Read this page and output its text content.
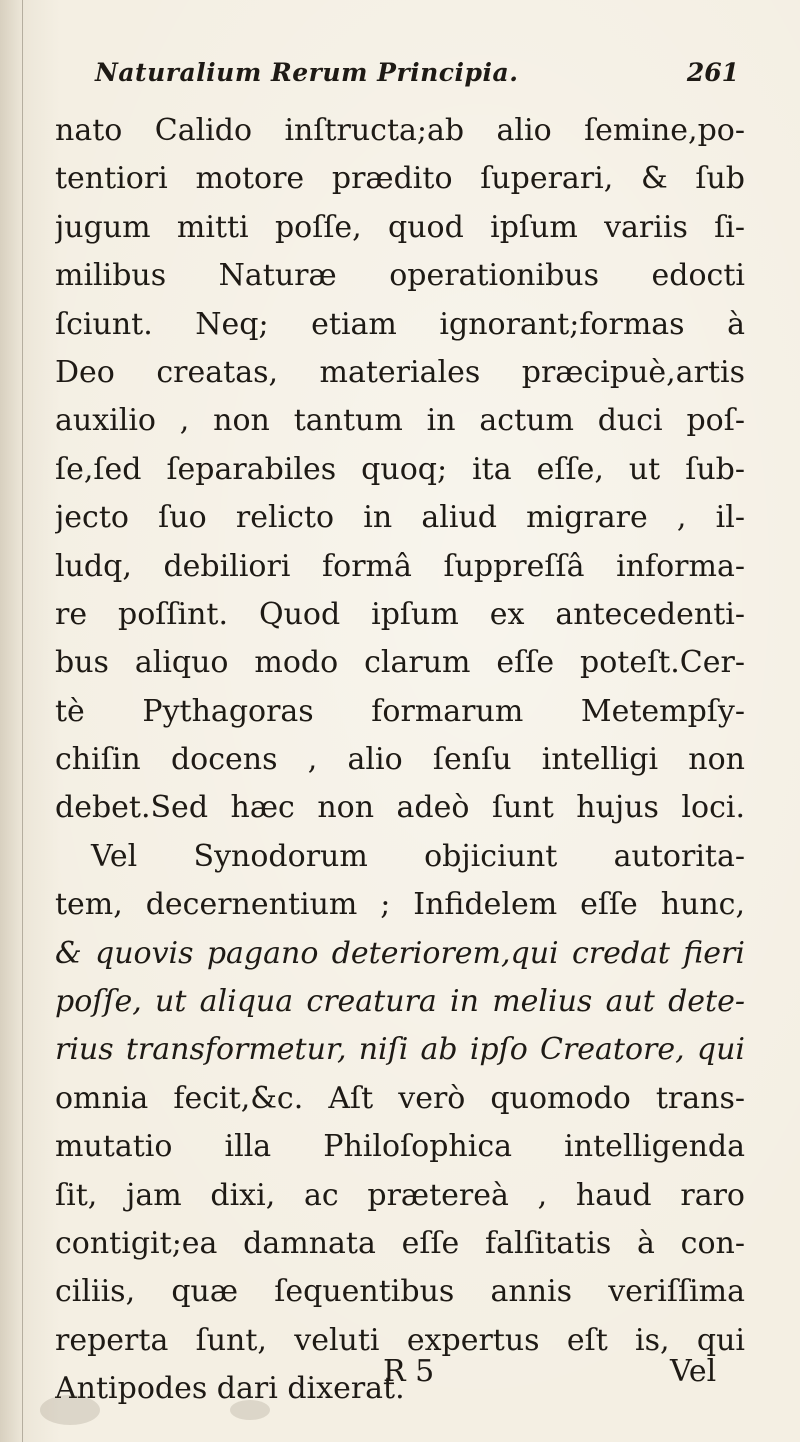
Naturalium Rerum Principia.	261
nato Calido inſtructa;ab alio ſemine,po-
tentiori motore prædito ſuperari, & ſub
jugum mitti poſſe, quod ipſum variis ſi-
milibus Naturæ operationibus edocti
ſciunt. Neq; etiam ignorant;formas à
Deo creatas, materiales præcipuè,artis
auxilio , non tantum in actum duci poſ-
ſe,ſed ſeparabiles quoq; ita eſſe, ut ſub-
jecto ſuo relicto in aliud migrare , il-
ludq, debiliori formâ ſuppreſſâ informa-
re poſſint. Quod ipſum ex antecedenti-
bus aliquo modo clarum eſſe poteſt.Cer-
tè Pythagoras formarum Metempſy-
chiſin docens , alio ſenſu intelligi non
debet.Sed hæc non adeò ſunt hujus loci.
Vel Synodorum objiciunt autorita-
tem, decernentium ; Infidelem eſſe hunc,
& quovis pagano deteriorem,qui credat fieri
poſſe, ut aliqua creatura in melius aut dete-
rius transformetur, niſi ab ipſo Creatore, qui
omnia fecit,&c. Aſt verò quomodo trans-
mutatio illa Philoſophica intelligenda
ſit, jam dixi, ac prætereà , haud raro
contigit;ea damnata eſſe falſitatis à con-
ciliis, quæ ſequentibus annis veriſſima
reperta ſunt, veluti expertus eſt is, qui
Antipodes dari dixerat.
R 5	Vel
